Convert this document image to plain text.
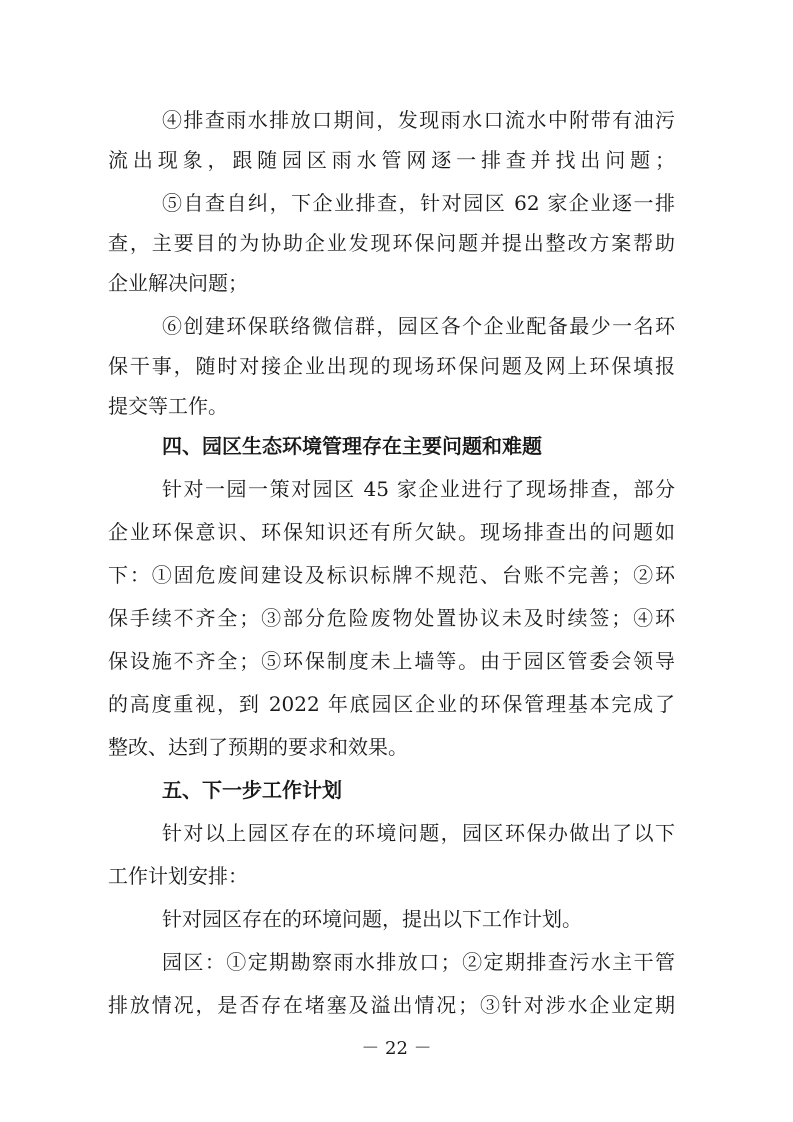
④排查雨水排放口期间，发现雨水口流水中附带有油污
流出现象，跟随园区雨水管网逐一排查并找出问题；
⑤自查自纠，下企业排查，针对园区 62 家企业逐一排
查，主要目的为协助企业发现环保问题并提出整改方案帮助
企业解决问题；
⑥创建环保联络微信群，园区各个企业配备最少一名环
保干事，随时对接企业出现的现场环保问题及网上环保填报
提交等工作。
四、园区生态环境管理存在主要问题和难题
针对一园一策对园区 45 家企业进行了现场排查，部分
企业环保意识、环保知识还有所欠缺。现场排查出的问题如
下：①固危废间建设及标识标牌不规范、台账不完善；②环
保手续不齐全；③部分危险废物处置协议未及时续签；④环
保设施不齐全；⑤环保制度未上墙等。由于园区管委会领导
的高度重视，到 2022 年底园区企业的环保管理基本完成了
整改、达到了预期的要求和效果。
五、下一步工作计划
针对以上园区存在的环境问题，园区环保办做出了以下
工作计划安排：
针对园区存在的环境问题，提出以下工作计划。
园区：①定期勘察雨水排放口；②定期排查污水主干管
排放情况，是否存在堵塞及溢出情况；③针对涉水企业定期
－ 22 －
